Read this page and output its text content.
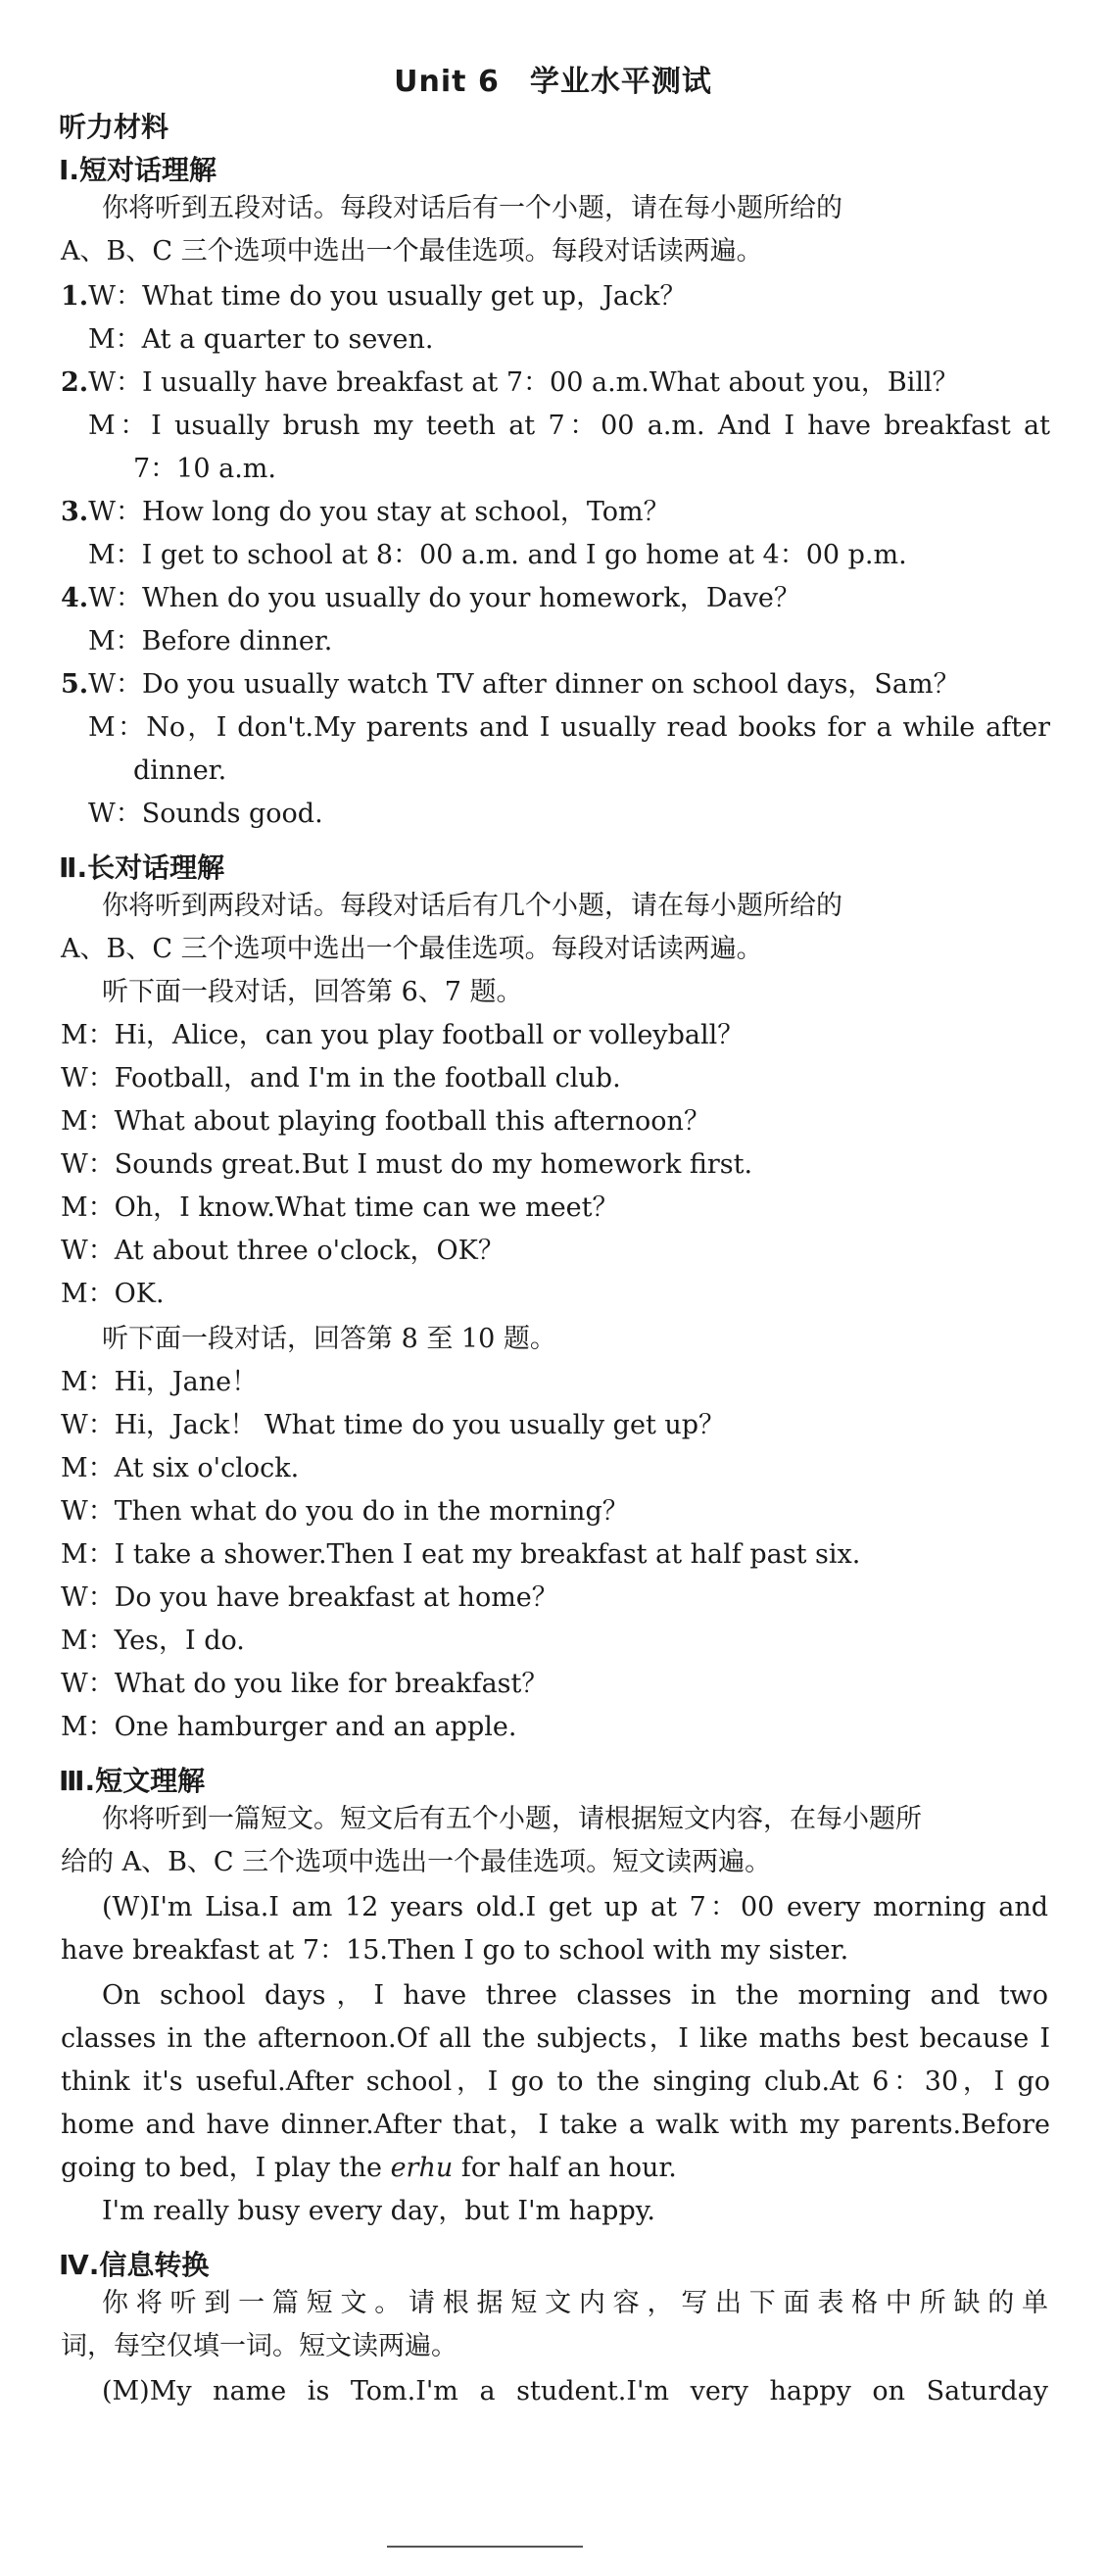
Unit 6　学业水平测试
听力材料
Ⅰ.短对话理解
你将听到五段对话。每段对话后有一个小题，请在每小题所给的
A、B、C 三个选项中选出一个最佳选项。每段对话读两遍。
1.W：What time do you usually get up，Jack？
M：At a quarter to seven.
2.W：I usually have breakfast at 7：00 a.m.What about you，Bill？
M：I usually brush my teeth at 7：00 a.m. And I have breakfast at
7：10 a.m.
3.W：How long do you stay at school，Tom？
M：I get to school at 8：00 a.m. and I go home at 4：00 p.m.
4.W：When do you usually do your homework，Dave？
M：Before dinner.
5.W：Do you usually watch TV after dinner on school days，Sam？
M：No，I don't.My parents and I usually read books for a while after
dinner.
W：Sounds good.
Ⅱ.长对话理解
你将听到两段对话。每段对话后有几个小题，请在每小题所给的
A、B、C 三个选项中选出一个最佳选项。每段对话读两遍。
听下面一段对话，回答第 6、7 题。
M：Hi，Alice，can you play football or volleyball？
W：Football，and I'm in the football club.
M：What about playing football this afternoon？
W：Sounds great.But I must do my homework first.
M：Oh，I know.What time can we meet？
W：At about three o'clock，OK？
M：OK.
听下面一段对话，回答第 8 至 10 题。
M：Hi，Jane！
W：Hi，Jack！ What time do you usually get up？
M：At six o'clock.
W：Then what do you do in the morning？
M：I take a shower.Then I eat my breakfast at half past six.
W：Do you have breakfast at home？
M：Yes，I do.
W：What do you like for breakfast？
M：One hamburger and an apple.
Ⅲ.短文理解
你将听到一篇短文。短文后有五个小题，请根据短文内容，在每小题所
给的 A、B、C 三个选项中选出一个最佳选项。短文读两遍。
(W)I'm Lisa.I am 12 years old.I get up at 7：00 every morning and
have breakfast at 7：15.Then I go to school with my sister.
On school days，I have three classes in the morning and two
classes in the afternoon.Of all the subjects，I like maths best because I
think it's useful.After school，I go to the singing club.At 6：30，I go
home and have dinner.After that，I take a walk with my parents.Before
going to bed，I play the erhu for half an hour.
I'm really busy every day，but I'm happy.
Ⅳ.信息转换
你将听到一篇短文。请根据短文内容，写出下面表格中所缺的单
词，每空仅填一词。短文读两遍。
(M)My name is Tom.I'm a student.I'm very happy on Saturday
